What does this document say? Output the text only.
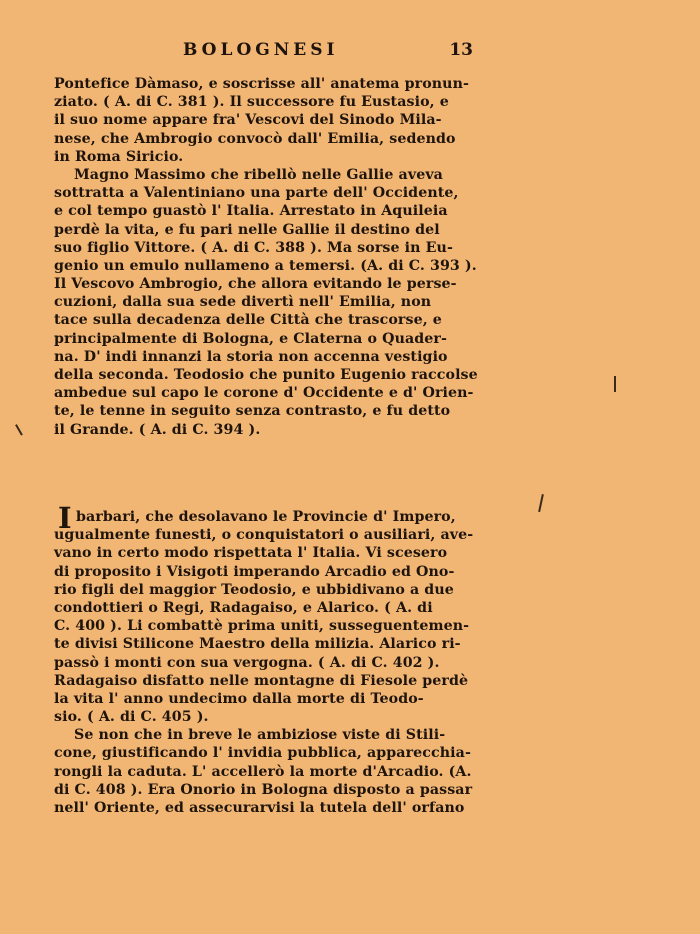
BOLOGNESI	13
Pontefice Dàmaso, e soscrisse all' anatema pronun-
ziato. ( A. di C. 381 ). Il successore fu Eustasio, e
il suo nome appare fra' Vescovi del Sinodo Mila-
nese, che Ambrogio convocò dall' Emilia, sedendo
in Roma Siricio.
Magno Massimo che ribellò nelle Gallie aveva
sottratta a Valentiniano una parte dell' Occidente,
e col tempo guastò l' Italia. Arrestato in Aquileia
perdè la vita, e fu pari nelle Gallie il destino del
suo figlio Vittore. ( A. di C. 388 ). Ma sorse in Eu-
genio un emulo nullameno a temersi. (A. di C. 393 ).
Il Vescovo Ambrogio, che allora evitando le perse-
cuzioni, dalla sua sede divertì nell' Emilia, non
tace sulla decadenza delle Città che trascorse, e
principalmente di Bologna, e Claterna o Quader-
na. D' indi innanzi la storia non accenna vestigio
della seconda. Teodosio che punito Eugenio raccolse
ambedue sul capo le corone d' Occidente e d' Orien-
te, le tenne in seguito senza contrasto, e fu detto
il Grande. ( A. di C. 394 ).
I barbari, che desolavano le Provincie d' Impero,
ugualmente funesti, o conquistatori o ausiliari, ave-
vano in certo modo rispettata l' Italia. Vi scesero
di proposito i Visigoti imperando Arcadio ed Ono-
rio figli del maggior Teodosio, e ubbidivano a due
condottieri o Regi, Radagaiso, e Alarico. ( A. di
C. 400 ). Li combattè prima uniti, susseguentemen-
te divisi Stilicone Maestro della milizia. Alarico ri-
passò i monti con sua vergogna. ( A. di C. 402 ).
Radagaiso disfatto nelle montagne di Fiesole perdè
la vita l' anno undecimo dalla morte di Teodo-
sio. ( A. di C. 405 ).
Se non che in breve le ambiziose viste di Stili-
cone, giustificando l' invidia pubblica, apparecchia-
rongli la caduta. L' accellerò la morte d'Arcadio. (A.
di C. 408 ). Era Onorio in Bologna disposto a passar
nell' Oriente, ed assecurarvisi la tutela dell' orfano
